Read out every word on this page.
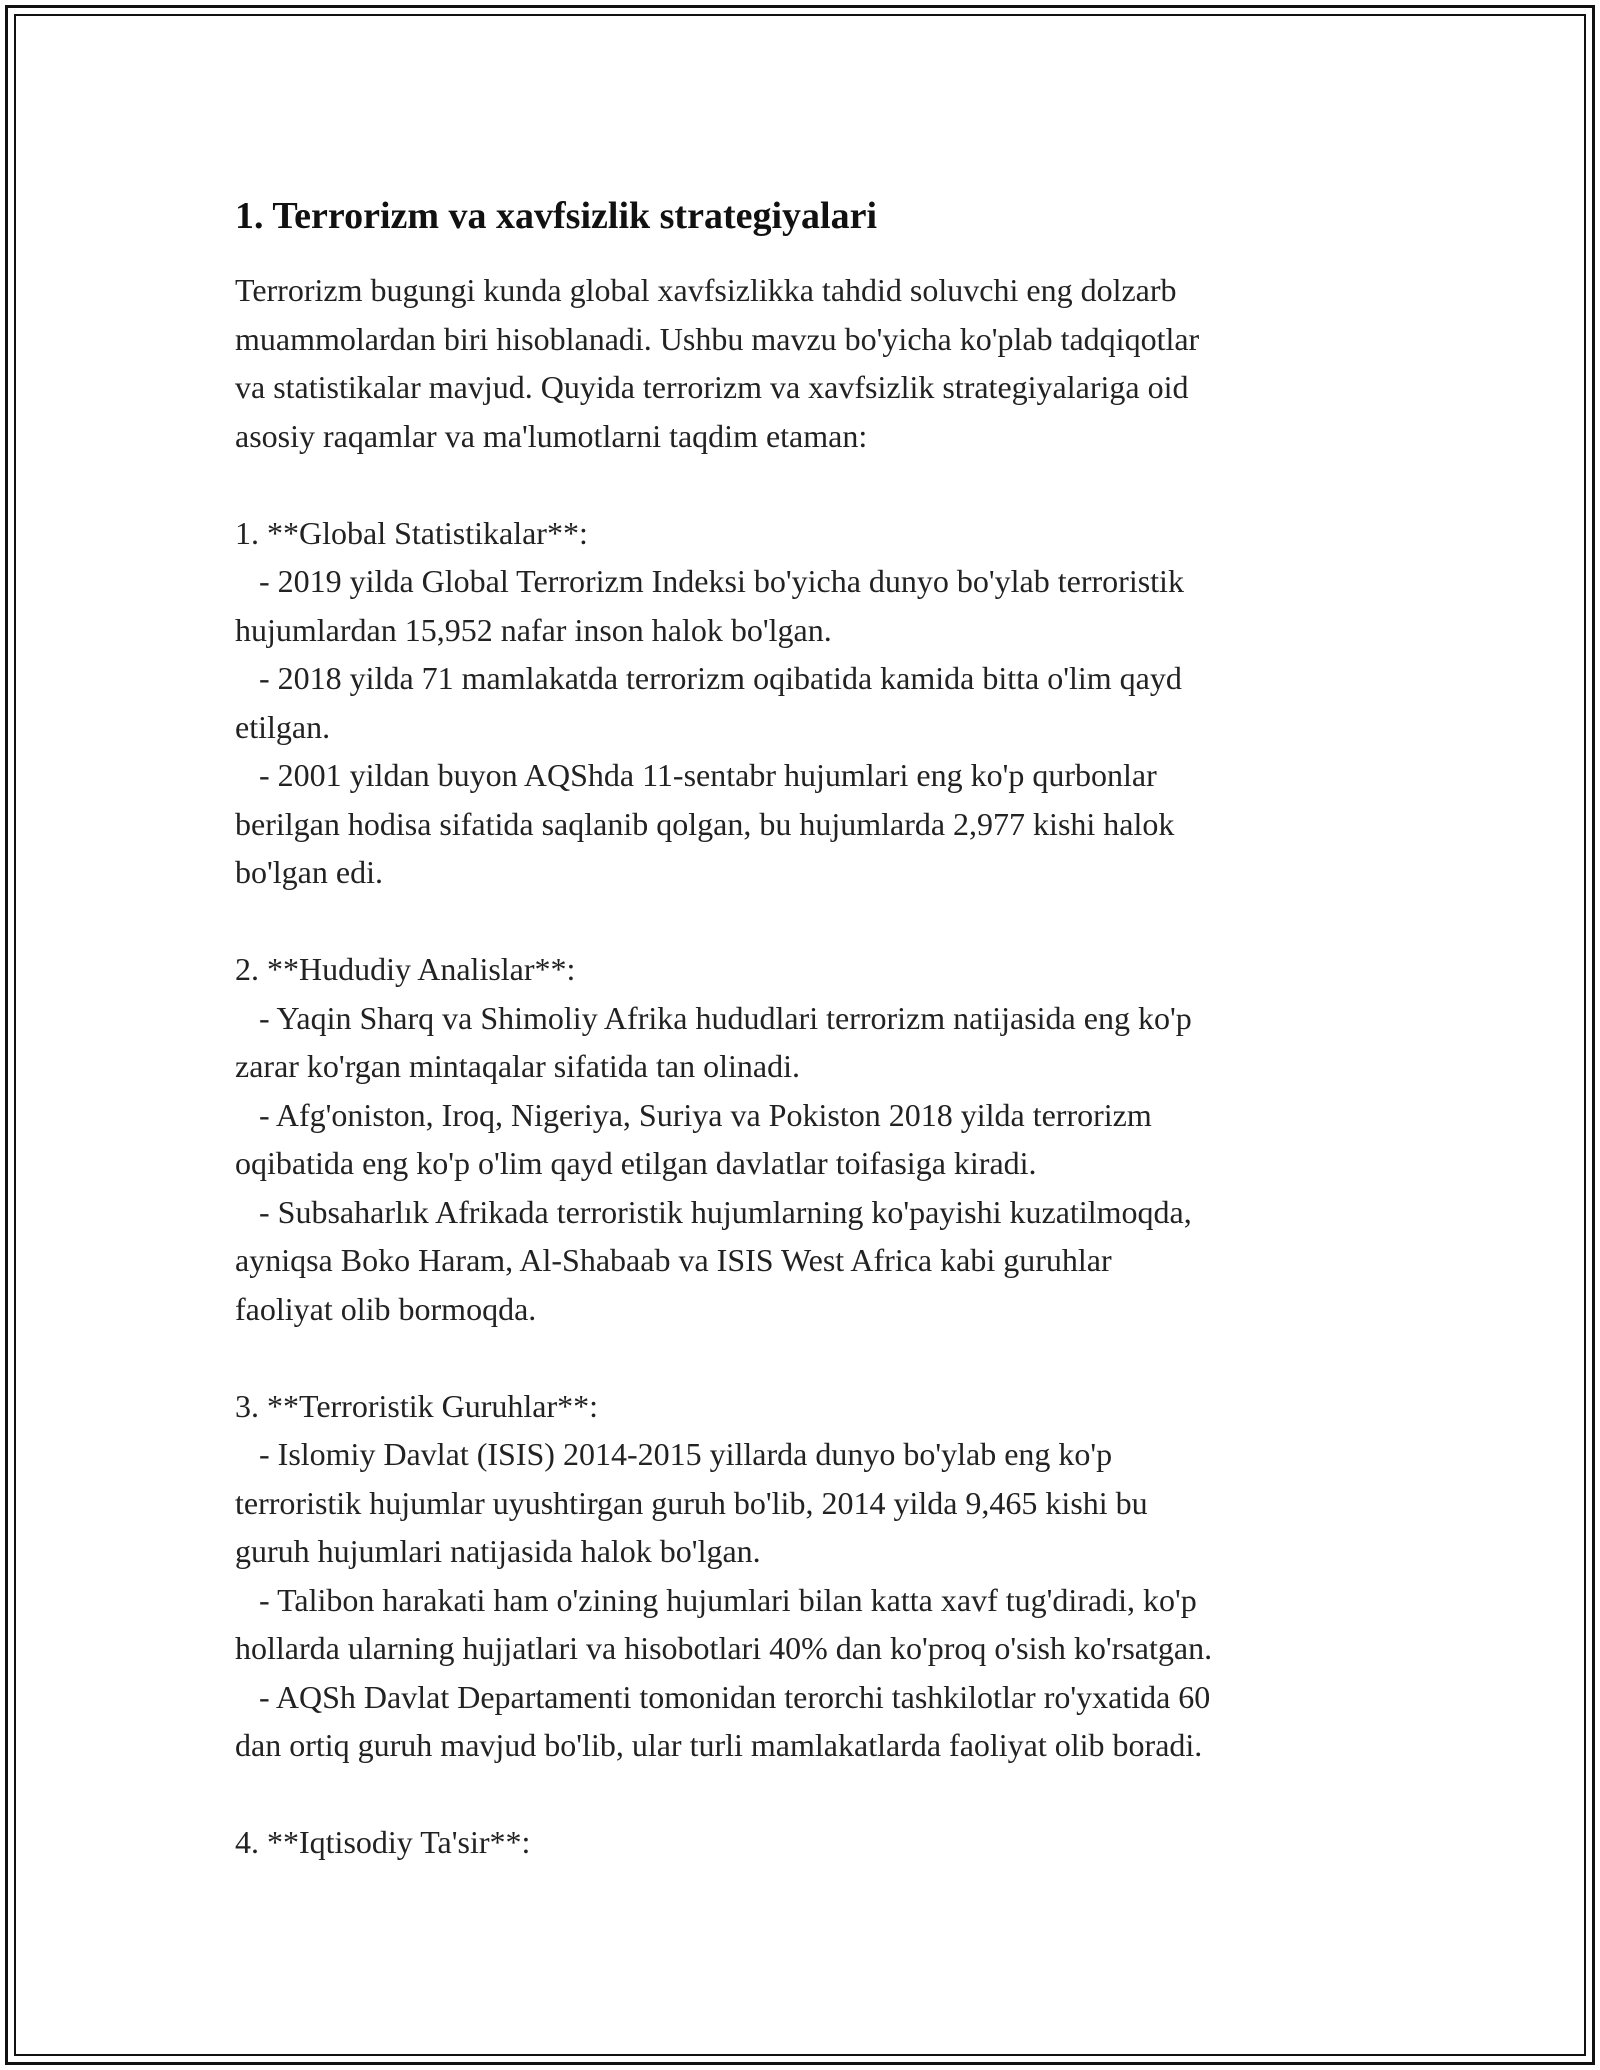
1. Terrorizm va xavfsizlik strategiyalari

Terrorizm bugungi kunda global xavfsizlikka tahdid soluvchi eng dolzarb
muammolardan biri hisoblanadi. Ushbu mavzu bo'yicha ko'plab tadqiqotlar
va statistikalar mavjud. Quyida terrorizm va xavfsizlik strategiyalariga oid
asosiy raqamlar va ma'lumotlarni taqdim etaman:

1. **Global Statistikalar**:
- 2019 yilda Global Terrorizm Indeksi bo'yicha dunyo bo'ylab terroristik
hujumlardan 15,952 nafar inson halok bo'lgan.
- 2018 yilda 71 mamlakatda terrorizm oqibatida kamida bitta o'lim qayd
etilgan.
- 2001 yildan buyon AQShda 11-sentabr hujumlari eng ko'p qurbonlar
berilgan hodisa sifatida saqlanib qolgan, bu hujumlarda 2,977 kishi halok
bo'lgan edi.

2. **Hududiy Analislar**:
- Yaqin Sharq va Shimoliy Afrika hududlari terrorizm natijasida eng ko'p
zarar ko'rgan mintaqalar sifatida tan olinadi.
- Afg'oniston, Iroq, Nigeriya, Suriya va Pokiston 2018 yilda terrorizm
oqibatida eng ko'p o'lim qayd etilgan davlatlar toifasiga kiradi.
- Subsaharlık Afrikada terroristik hujumlarning ko'payishi kuzatilmoqda,
ayniqsa Boko Haram, Al-Shabaab va ISIS West Africa kabi guruhlar
faoliyat olib bormoqda.

3. **Terroristik Guruhlar**:
- Islomiy Davlat (ISIS) 2014-2015 yillarda dunyo bo'ylab eng ko'p
terroristik hujumlar uyushtirgan guruh bo'lib, 2014 yilda 9,465 kishi bu
guruh hujumlari natijasida halok bo'lgan.
- Talibon harakati ham o'zining hujumlari bilan katta xavf tug'diradi, ko'p
hollarda ularning hujjatlari va hisobotlari 40% dan ko'proq o'sish ko'rsatgan.
- AQSh Davlat Departamenti tomonidan terorchi tashkilotlar ro'yxatida 60
dan ortiq guruh mavjud bo'lib, ular turli mamlakatlarda faoliyat olib boradi.

4. **Iqtisodiy Ta'sir**:
